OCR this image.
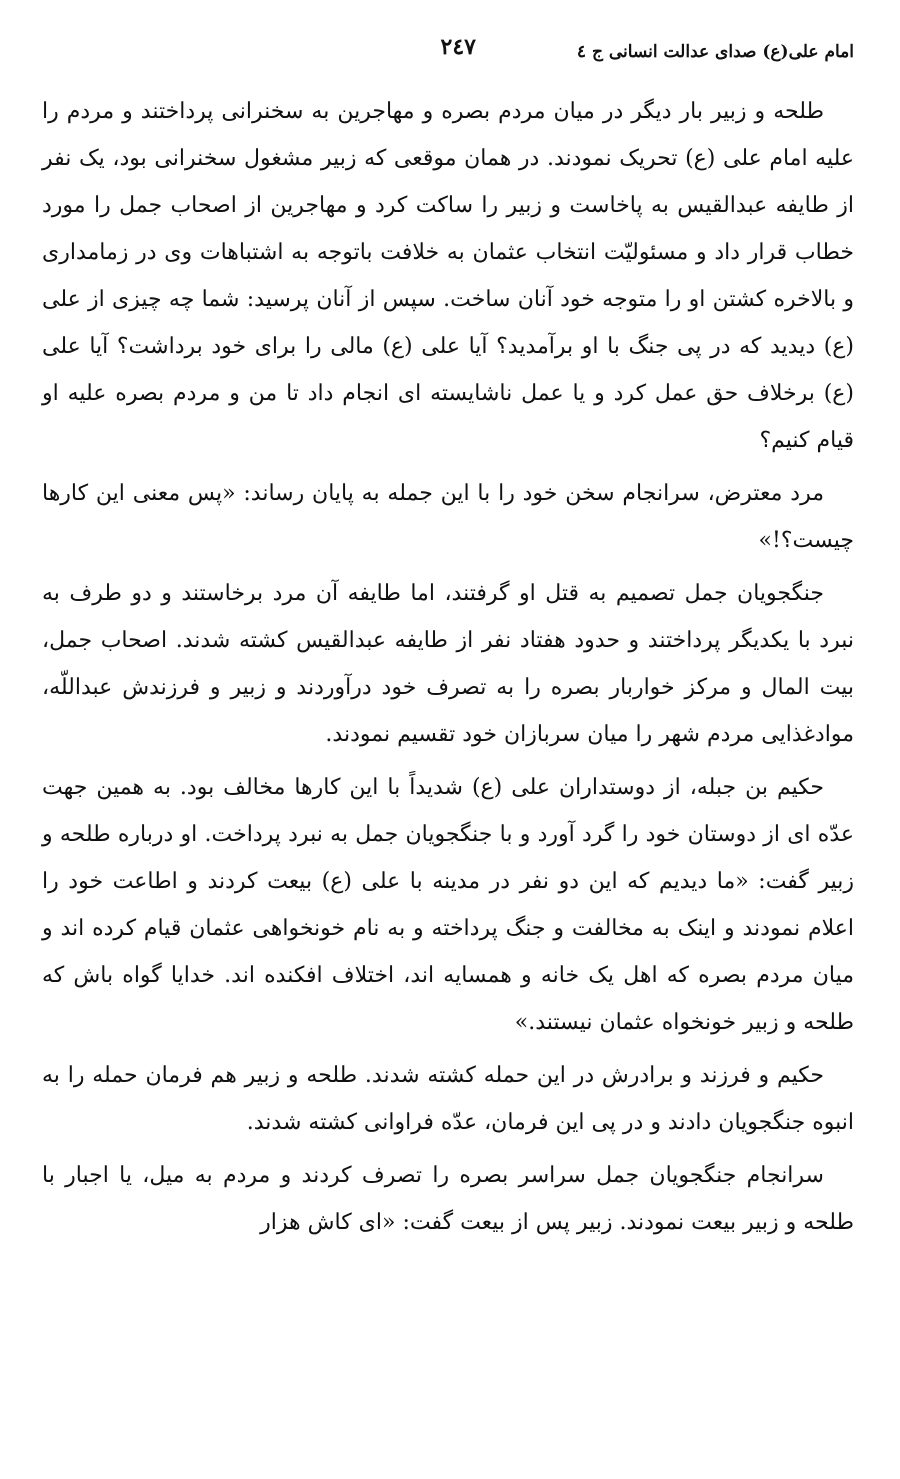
امام علی(ع) صدای عدالت انسانی ج ٤
٢٤٧

طلحه و زبیر بار دیگر در میان مردم بصره و مهاجرین به سخنرانی پرداختند و مردم را علیه امام علی (ع) تحریک نمودند. در همان موقعی که زبیر مشغول سخنرانی بود، یک نفر از طایفه عبدالقیس به پاخاست و زبیر را ساکت کرد و مهاجرین از اصحاب جمل را مورد خطاب قرار داد و مسئولیّت انتخاب عثمان به خلافت باتوجه به اشتباهات وی در زمامداری و بالاخره کشتن او را متوجه خود آنان ساخت. سپس از آنان پرسید: شما چه چیزی از علی (ع) دیدید که در پی جنگ با او برآمدید؟ آیا علی (ع) مالی را برای خود برداشت؟ آیا علی (ع) برخلاف حق عمل کرد و یا عمل ناشایسته ای انجام داد تا من و مردم بصره علیه او قیام کنیم؟

مرد معترض، سرانجام سخن خود را با این جمله به پایان رساند: «پس معنی این کارها چیست؟!»

جنگجویان جمل تصمیم به قتل او گرفتند، اما طایفه آن مرد برخاستند و دو طرف به نبرد با یکدیگر پرداختند و حدود هفتاد نفر از طایفه عبدالقیس کشته شدند. اصحاب جمل، بیت المال و مرکز خواربار بصره را به تصرف خود درآوردند و زبیر و فرزندش عبداللّه، موادغذایی مردم شهر را میان سربازان خود تقسیم نمودند.

حکیم بن جبله، از دوستداران علی (ع) شدیداً با این کارها مخالف بود. به همین جهت عدّه ای از دوستان خود را گرد آورد و با جنگجویان جمل به نبرد پرداخت. او درباره طلحه و زبیر گفت: «ما دیدیم که این دو نفر در مدینه با علی (ع) بیعت کردند و اطاعت خود را اعلام نمودند و اینک به مخالفت و جنگ پرداخته و به نام خونخواهی عثمان قیام کرده اند و میان مردم بصره که اهل یک خانه و همسایه اند، اختلاف افکنده اند. خدایا گواه باش که طلحه و زبیر خونخواه عثمان نیستند.»

حکیم و فرزند و برادرش در این حمله کشته شدند. طلحه و زبیر هم فرمان حمله را به انبوه جنگجویان دادند و در پی این فرمان، عدّه فراوانی کشته شدند.

سرانجام جنگجویان جمل سراسر بصره را تصرف کردند و مردم به میل، یا اجبار با طلحه و زبیر بیعت نمودند. زبیر پس از بیعت گفت: «ای کاش هزار
